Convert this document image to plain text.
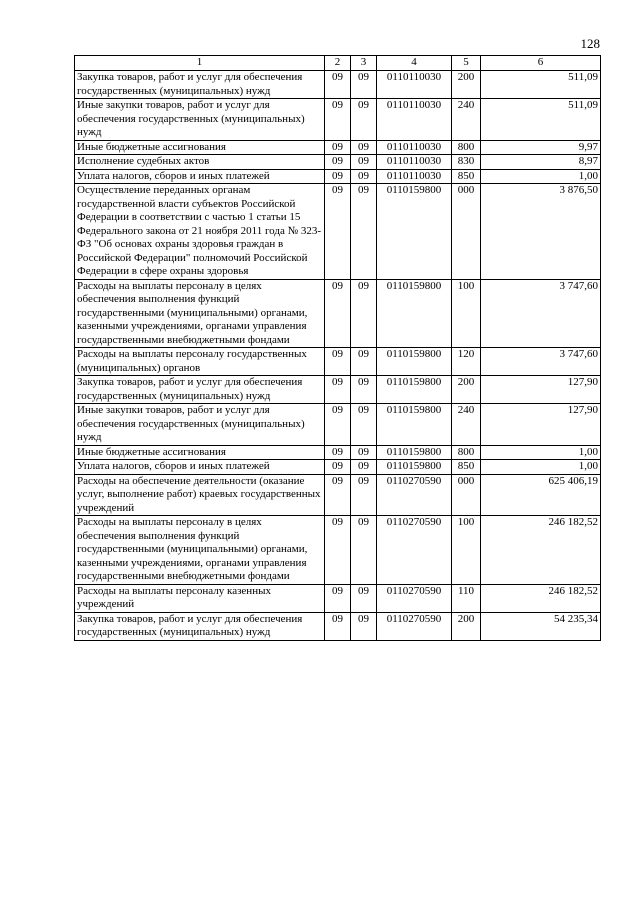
128
1	2	3	4	5	6
Закупка товаров, работ и услуг для обеспечения государственных (муниципальных) нужд	09	09	0110110030	200	511,09
Иные закупки товаров, работ и услуг для обеспечения государственных (муниципальных) нужд	09	09	0110110030	240	511,09
Иные бюджетные ассигнования	09	09	0110110030	800	9,97
Исполнение судебных актов	09	09	0110110030	830	8,97
Уплата налогов, сборов и иных платежей	09	09	0110110030	850	1,00
Осуществление переданных органам государственной власти субъектов Российской Федерации в соответствии с частью 1 статьи 15 Федерального закона от 21 ноября 2011 года № 323-ФЗ "Об основах охраны здоровья граждан в Российской Федерации" полномочий Российской Федерации в сфере охраны здоровья	09	09	0110159800	000	3 876,50
Расходы на выплаты персоналу в целях обеспечения выполнения функций государственными (муниципальными) органами, казенными учреждениями, органами управления государственными внебюджетными фондами	09	09	0110159800	100	3 747,60
Расходы на выплаты персоналу государственных (муниципальных) органов	09	09	0110159800	120	3 747,60
Закупка товаров, работ и услуг для обеспечения государственных (муниципальных) нужд	09	09	0110159800	200	127,90
Иные закупки товаров, работ и услуг для обеспечения государственных (муниципальных) нужд	09	09	0110159800	240	127,90
Иные бюджетные ассигнования	09	09	0110159800	800	1,00
Уплата налогов, сборов и иных платежей	09	09	0110159800	850	1,00
Расходы на обеспечение деятельности (оказание услуг, выполнение работ) краевых государственных учреждений	09	09	0110270590	000	625 406,19
Расходы на выплаты персоналу в целях обеспечения выполнения функций государственными (муниципальными) органами, казенными учреждениями, органами управления государственными внебюджетными фондами	09	09	0110270590	100	246 182,52
Расходы на выплаты персоналу казенных учреждений	09	09	0110270590	110	246 182,52
Закупка товаров, работ и услуг для обеспечения государственных (муниципальных) нужд	09	09	0110270590	200	54 235,34
